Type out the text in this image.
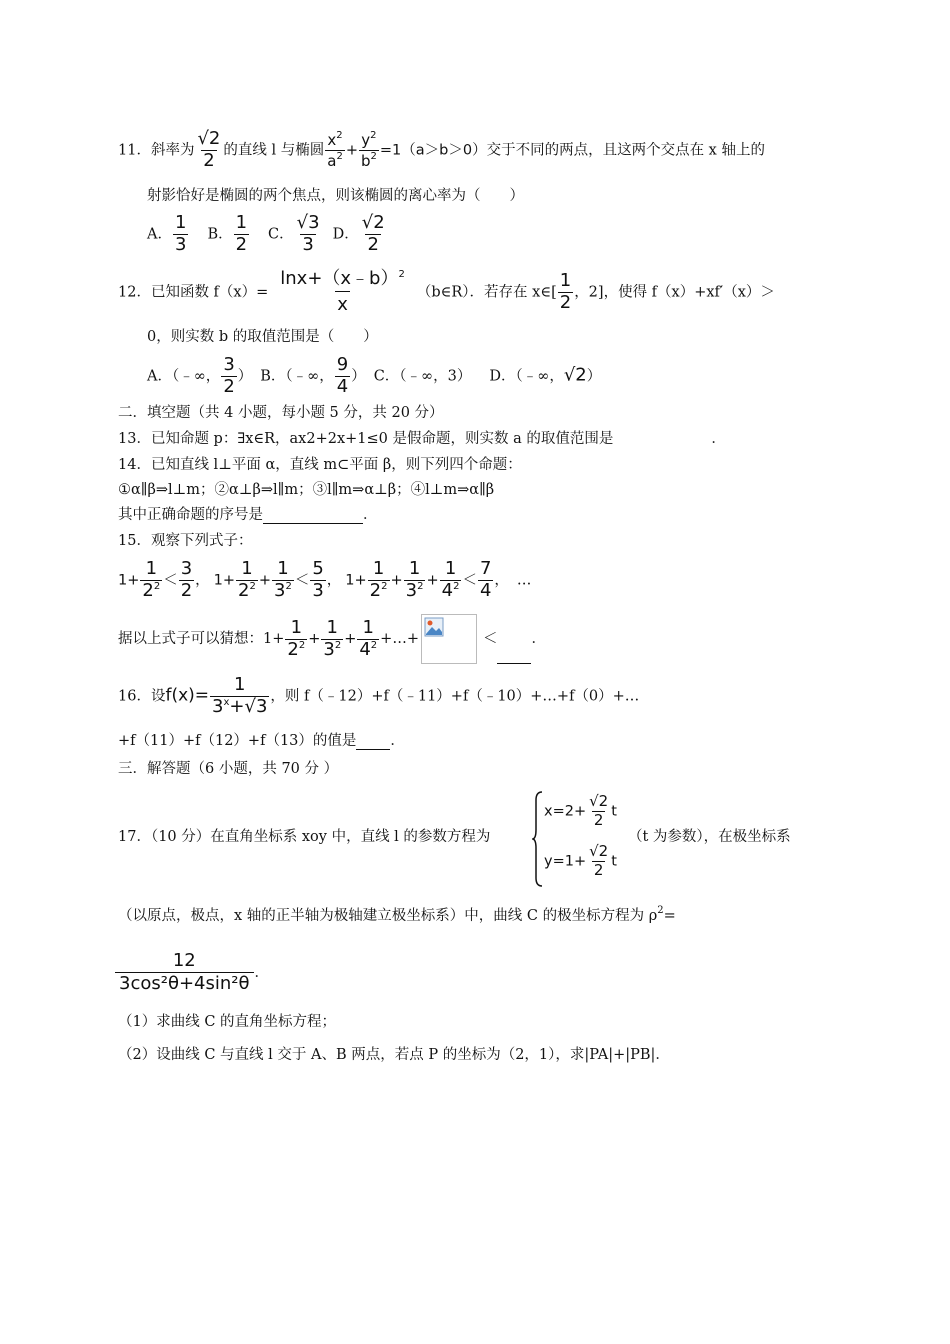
11．斜率为 $\frac{√2}{2}$ 的直线 l 与椭圆 $\frac{x^2}{a^2} + \frac{y^2}{b^2} =1(a>b>0)$交于不同的两点，且这两个交点在 x 轴上的
射影恰好是椭圆的两个焦点，则该椭圆的离心率为（　　）
A． $\frac{1}{3}$ B． $\frac{1}{2}$ C． $\frac{√3}{3}$ D． $\frac{√2}{2}$
12．已知函数 $f(x)= \frac{\ln x+(x﹣b)^2}{x}$ （b∈R）．若存在 x∈[ $\frac{1}{2}$ ，2]，使得 f（x）+xf′（x）＞
0，则实数 b 的取值范围是（　　）
A．（﹣∞， $\frac{3}{2}$ ） B．（﹣∞， $\frac{9}{4}$ ） C．（﹣∞，3） D．（﹣∞，√2）
二．填空题（共 4 小题，每小题 5 分，共 20 分）
13．已知命题 p：∃x∈R，ax2+2x+1≤0 是假命题，则实数 a 的取值范围是	．
14．已知直线 l⊥平面 α，直线 m⊂平面 β，则下列四个命题：
①α∥β⇒l⊥m；②α⊥β⇒l∥m；③l∥m⇒α⊥β；④l⊥m⇒α∥β
其中正确命题的序号是	．
15．观察下列式子：
$1+ \frac{1}{2^2} < \frac{3}{2}$ ， $1+ \frac{1}{2^2} + \frac{1}{3^2} < \frac{5}{3}$ ， $1+ \frac{1}{2^2} + \frac{1}{3^2} + \frac{1}{4^2} < \frac{7}{4}$ ， …
据以上式子可以猜想：$1+ \frac{1}{2^2} + \frac{1}{3^2} + \frac{1}{4^2}$ +…+	＜ ．
16．设$f(x)= \frac{1}{3^x+√3}$ ，则 f（﹣12）+f（﹣11）+f（﹣10）+…+f（0）+…
+f（11）+f（12）+f（13）的值是 ．
三．解答题（6 小题，共 70 分 ）
17．（10 分）在直角坐标系 xoy 中，直线 l 的参数方程为
$x=2+ \frac{√2}{2}$ t
$y=1+ \frac{√2}{2}$ t
（t 为参数），在极坐标系
（以原点，极点，x 轴的正半轴为极轴建立极坐标系）中，曲线 C 的极坐标方程为 $\rho^2=$
$\frac{12}{\text{3cos²θ+4sin²θ}}$ ．
（1）求曲线 C 的直角坐标方程；
（2）设曲线 C 与直线 l 交于 A、B 两点，若点 P 的坐标为（2，1），求|PA|+|PB|．
